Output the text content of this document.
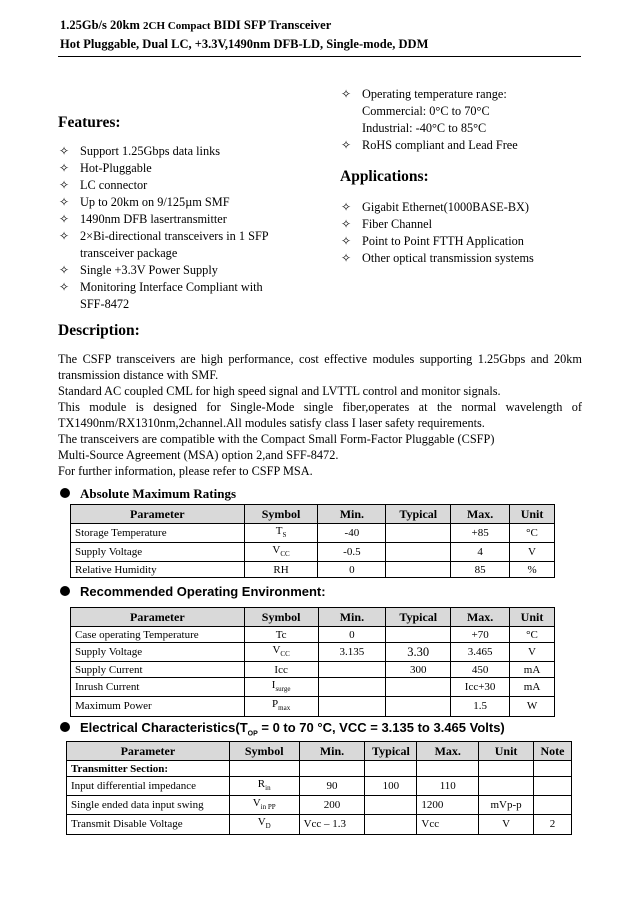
1.25Gb/s 20km 2CH Compact BIDI SFP Transceiver
Hot Pluggable, Dual LC, +3.3V,1490nm DFB-LD, Single-mode, DDM
Features:
✧ Support 1.25Gbps data links
✧ Hot-Pluggable
✧ LC connector
✧ Up to 20km on 9/125µm SMF
✧ 1490nm DFB lasertransmitter
✧ 2×Bi-directional transceivers in 1 SFP
transceiver package
✧ Single +3.3V Power Supply
✧ Monitoring Interface Compliant with
SFF-8472
✧ Operating temperature range:
Commercial: 0°C to 70°C
Industrial: -40°C to 85°C
✧ RoHS compliant and Lead Free
Applications:
✧ Gigabit Ethernet(1000BASE-BX)
✧ Fiber Channel
✧ Point to Point FTTH Application
✧ Other optical transmission systems
Description:

The CSFP transceivers are high performance, cost effective modules supporting 1.25Gbps and 20km

transmission distance with SMF.

Standard AC coupled CML for high speed signal and LVTTL control and monitor signals.

This module is designed for Single-Mode single fiber,operates at the normal wavelength of

TX1490nm/RX1310nm,2channel.All modules satisfy class I laser safety requirements.

The transceivers are compatible with the Compact Small Form-Factor Pluggable (CSFP)

Multi-Source Agreement (MSA) option 2,and SFF-8472.

For further information, please refer to CSFP MSA.

Absolute Maximum Ratings
Parameter	Symbol	Min.	Typical	Max.	Unit
Storage Temperature	$T_S$	-40		+85	°C
Supply Voltage	$V_{CC}$	-0.5		4	V
Relative Humidity	RH	0		85	%
Recommended Operating Environment:
Parameter	Symbol	Min.	Typical	Max.	Unit
Case operating Temperature	Tc	0		+70	°C
Supply Voltage	$V_{CC}$	3.135	3.30	3.465	V
Supply Current	Icc		300	450	mA
Inrush Current	$I_{surge}$			Icc+30	mA
Maximum Power	$P_{max}$			1.5	W
Electrical $Characteristics(T_{OP} = 0$ to 70 °C, VCC = 3.135 to 3.465 Volts)
Parameter	Symbol	Min.	Typical	Max.	Unit	Note
Transmitter Section:						
Input differential impedance	$R_{in}$	90	100	110		
Single ended data input swing	$V_{in PP}$	200		1200	mVp-p	
Transmit Disable Voltage	$V_D$	Vcc – 1.3		Vcc	V	2
